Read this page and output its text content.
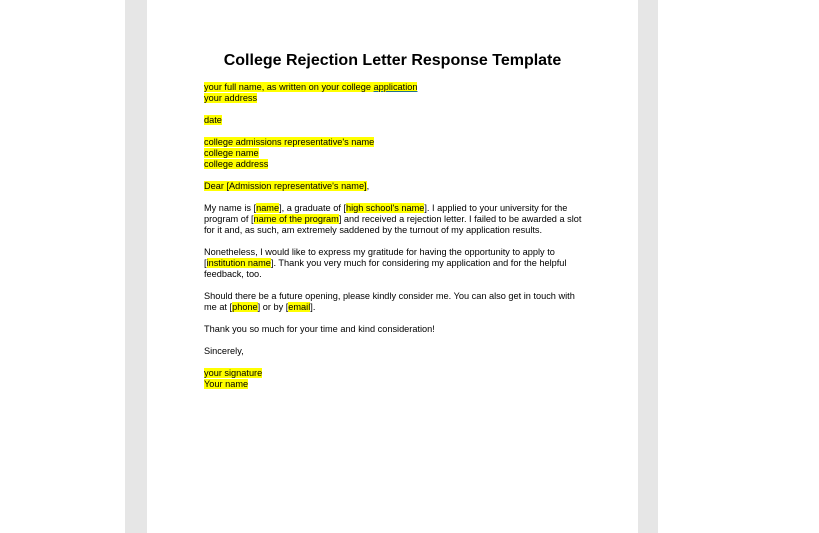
College Rejection Letter Response Template

your full name, as written on your college application
your address

date

college admissions representative's name
college name
college address

Dear [Admission representative's name],

My name is [name], a graduate of [high school's name]. I applied to your university for the program of [name of the program] and received a rejection letter. I failed to be awarded a slot for it and, as such, am extremely saddened by the turnout of my application results.

Nonetheless, I would like to express my gratitude for having the opportunity to apply to [institution name]. Thank you very much for considering my application and for the helpful feedback, too.

Should there be a future opening, please kindly consider me. You can also get in touch with me at [phone] or by [email].

Thank you so much for your time and kind consideration!

Sincerely,

your signature
Your name
